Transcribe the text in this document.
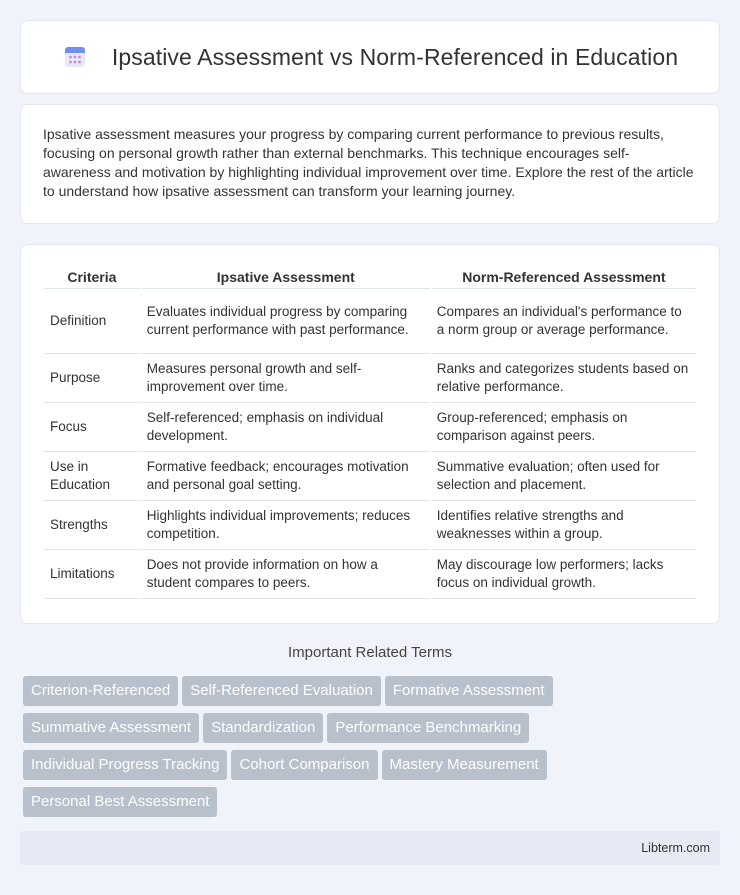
Ipsative Assessment vs Norm-Referenced in Education

Ipsative assessment measures your progress by comparing current performance to previous results, focusing on personal growth rather than external benchmarks. This technique encourages self-awareness and motivation by highlighting individual improvement over time. Explore the rest of the article to understand how ipsative assessment can transform your learning journey.

Criteria	Ipsative Assessment	Norm-Referenced Assessment
Definition	Evaluates individual progress by comparing current performance with past performance.	Compares an individual's performance to a norm group or average performance.
Purpose	Measures personal growth and self-improvement over time.	Ranks and categorizes students based on relative performance.
Focus	Self-referenced; emphasis on individual development.	Group-referenced; emphasis on comparison against peers.
Use in Education	Formative feedback; encourages motivation and personal goal setting.	Summative evaluation; often used for selection and placement.
Strengths	Highlights individual improvements; reduces competition.	Identifies relative strengths and weaknesses within a group.
Limitations	Does not provide information on how a student compares to peers.	May discourage low performers; lacks focus on individual growth.
Important Related Terms
Criterion-Referenced Self-Referenced Evaluation Formative Assessment
Summative Assessment Standardization Performance Benchmarking
Individual Progress Tracking Cohort Comparison Mastery Measurement
Personal Best Assessment
Libterm.com
